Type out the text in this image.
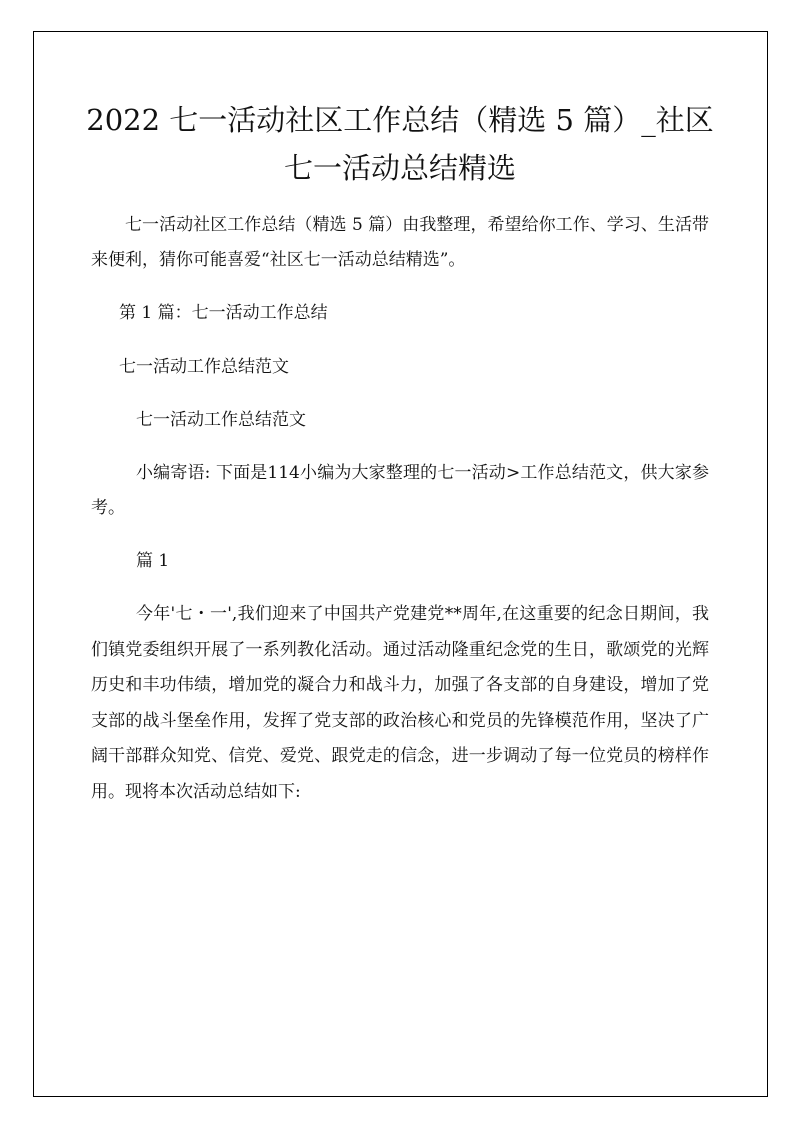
2022 七一活动社区工作总结（精选 5 篇）_社区
七一活动总结精选

七一活动社区工作总结（精选 5 篇）由我整理，希望给你工作、学习、生活带来便利，猜你可能喜爱“社区七一活动总结精选”。

第 1 篇：七一活动工作总结

七一活动工作总结范文

七一活动工作总结范文

小编寄语: 下面是114小编为大家整理的七一活动>工作总结范文，供大家参考。

篇 1

今年'七・一',我们迎来了中国共产党建党**周年,在这重要的纪念日期间，我们镇党委组织开展了一系列教化活动。通过活动隆重纪念党的生日，歌颂党的光辉历史和丰功伟绩，增加党的凝合力和战斗力，加强了各支部的自身建设，增加了党支部的战斗堡垒作用，发挥了党支部的政治核心和党员的先锋模范作用，坚决了广阔干部群众知党、信党、爱党、跟党走的信念，进一步调动了每一位党员的榜样作用。现将本次活动总结如下:
